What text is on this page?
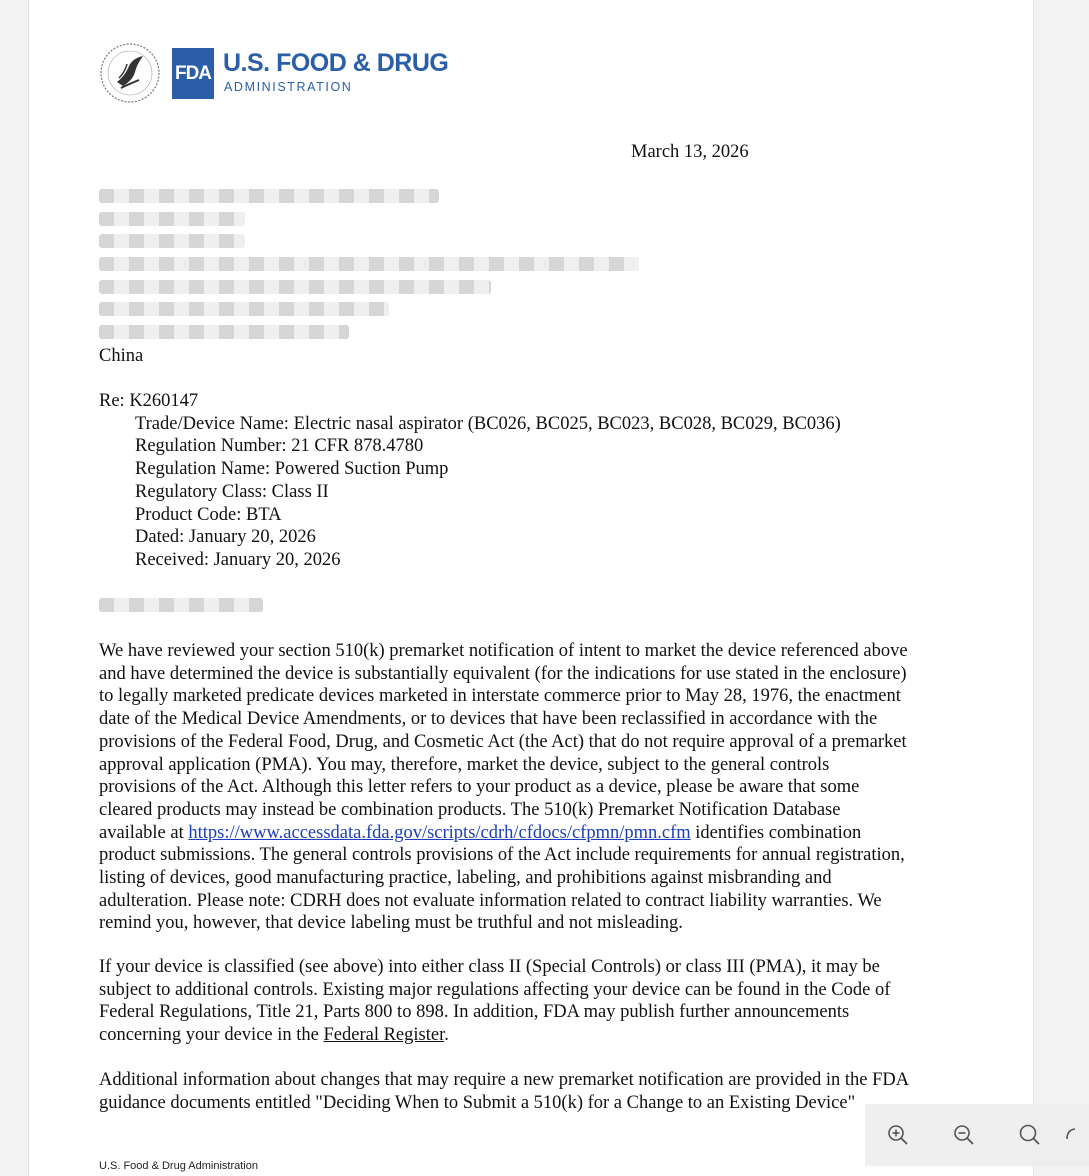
FDA U.S. FOOD & DRUG
ADMINISTRATION
March 13, 2026
China
Re: K260147
Trade/Device Name: Electric nasal aspirator (BC026, BC025, BC023, BC028, BC029, BC036)
Regulation Number: 21 CFR 878.4780
Regulation Name: Powered Suction Pump
Regulatory Class: Class II
Product Code: BTA
Dated: January 20, 2026
Received: January 20, 2026
We have reviewed your section 510(k) premarket notification of intent to market the device referenced above
and have determined the device is substantially equivalent (for the indications for use stated in the enclosure)
to legally marketed predicate devices marketed in interstate commerce prior to May 28, 1976, the enactment
date of the Medical Device Amendments, or to devices that have been reclassified in accordance with the
provisions of the Federal Food, Drug, and Cosmetic Act (the Act) that do not require approval of a premarket
approval application (PMA). You may, therefore, market the device, subject to the general controls
provisions of the Act. Although this letter refers to your product as a device, please be aware that some
cleared products may instead be combination products. The 510(k) Premarket Notification Database
available at https://www.accessdata.fda.gov/scripts/cdrh/cfdocs/cfpmn/pmn.cfm identifies combination
product submissions. The general controls provisions of the Act include requirements for annual registration,
listing of devices, good manufacturing practice, labeling, and prohibitions against misbranding and
adulteration. Please note: CDRH does not evaluate information related to contract liability warranties. We
remind you, however, that device labeling must be truthful and not misleading.
If your device is classified (see above) into either class II (Special Controls) or class III (PMA), it may be
subject to additional controls. Existing major regulations affecting your device can be found in the Code of
Federal Regulations, Title 21, Parts 800 to 898. In addition, FDA may publish further announcements
concerning your device in the Federal Register.
Additional information about changes that may require a new premarket notification are provided in the FDA
guidance documents entitled "Deciding When to Submit a 510(k) for a Change to an Existing Device"
U.S. Food & Drug Administration
